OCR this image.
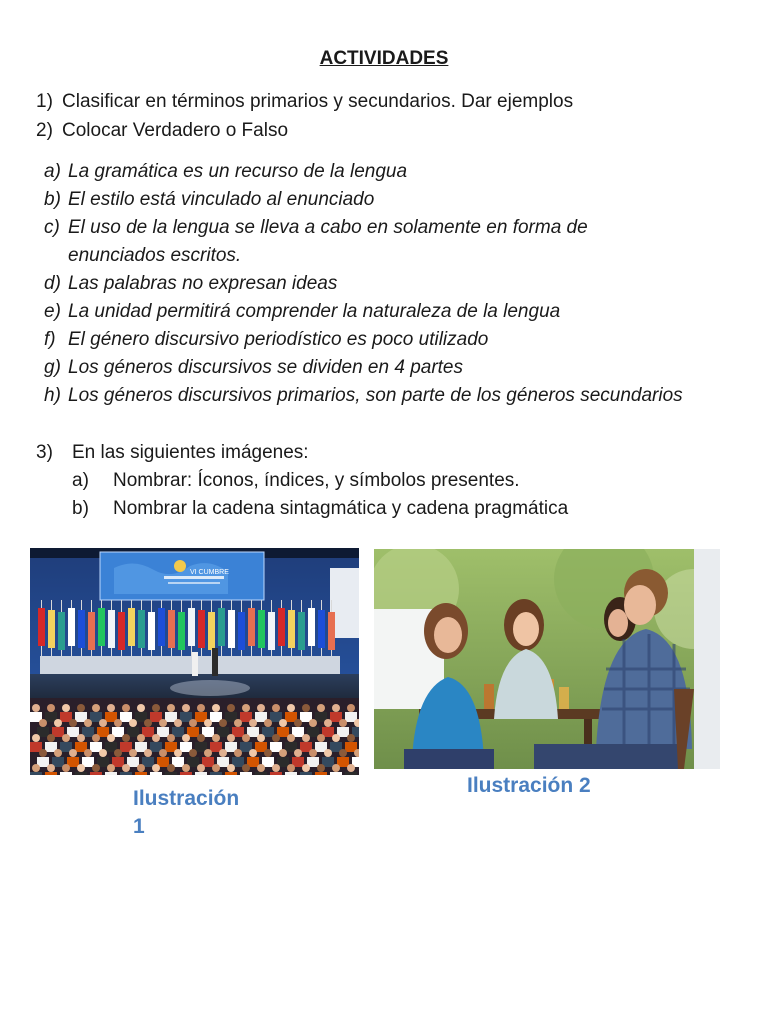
ACTIVIDADES
1) Clasificar en términos primarios y secundarios. Dar ejemplos
2) Colocar Verdadero o Falso
a) La gramática es un recurso de la lengua
b) El estilo está vinculado al enunciado
c) El uso de la lengua se lleva a cabo en solamente en forma de
enunciados escritos.
d) Las palabras no expresan ideas
e) La unidad permitirá comprender la naturaleza de la lengua
f) El género discursivo periodístico es poco utilizado
g) Los géneros discursivos se dividen en 4 partes
h) Los géneros discursivos primarios, son parte de los géneros secundarios
3) En las siguientes imágenes:
a) Nombrar: Íconos, índices, y símbolos presentes.
b) Nombrar la cadena sintagmática y cadena pragmática
VI CUMBRE
Ilustración
1
Ilustración 2
